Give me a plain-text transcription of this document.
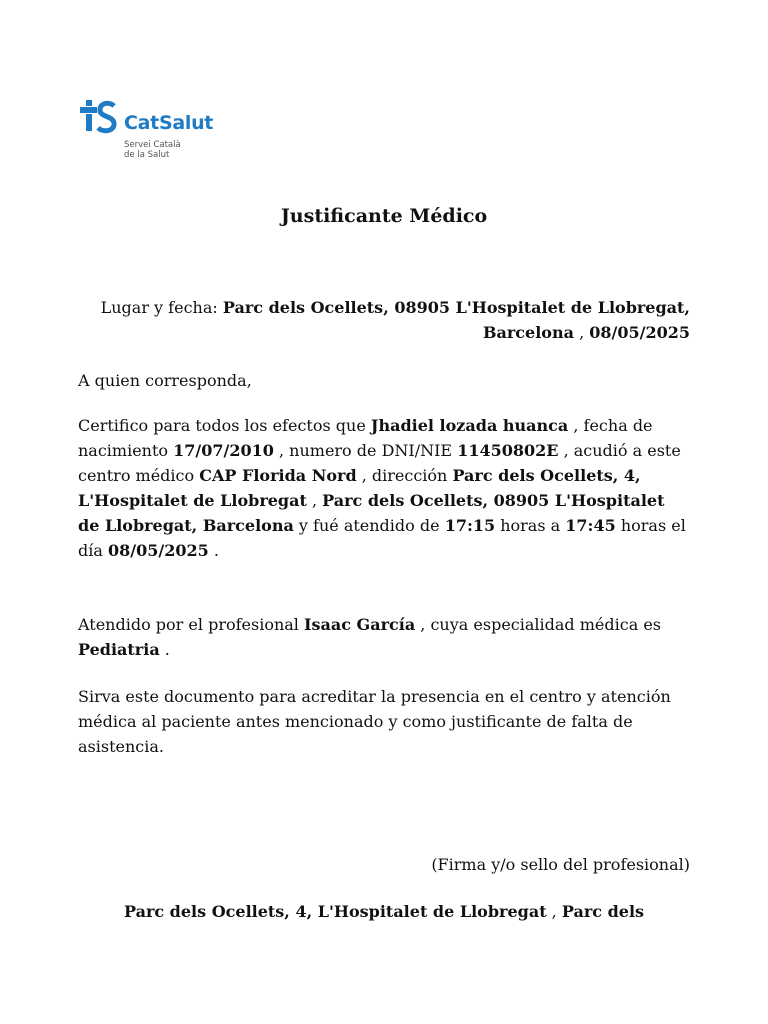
CatSalut
Servei Català
de la Salut
Justificante Médico
Lugar y fecha: Parc dels Ocellets, 08905 L'Hospitalet de Llobregat, Barcelona , 08/05/2025
A quien corresponda,
Certifico para todos los efectos que Jhadiel lozada huanca , fecha de nacimiento 17/07/2010 , numero de DNI/NIE 11450802E , acudió a este centro médico CAP Florida Nord , dirección Parc dels Ocellets, 4, L'Hospitalet de Llobregat , Parc dels Ocellets, 08905 L'Hospitalet de Llobregat, Barcelona y fué atendido de 17:15 horas a 17:45 horas el día 08/05/2025 .
Atendido por el profesional Isaac García , cuya especialidad médica es Pediatria .
Sirva este documento para acreditar la presencia en el centro y atención médica al paciente antes mencionado y como justificante de falta de asistencia.
(Firma y/o sello del profesional)
Parc dels Ocellets, 4, L'Hospitalet de Llobregat , Parc dels
